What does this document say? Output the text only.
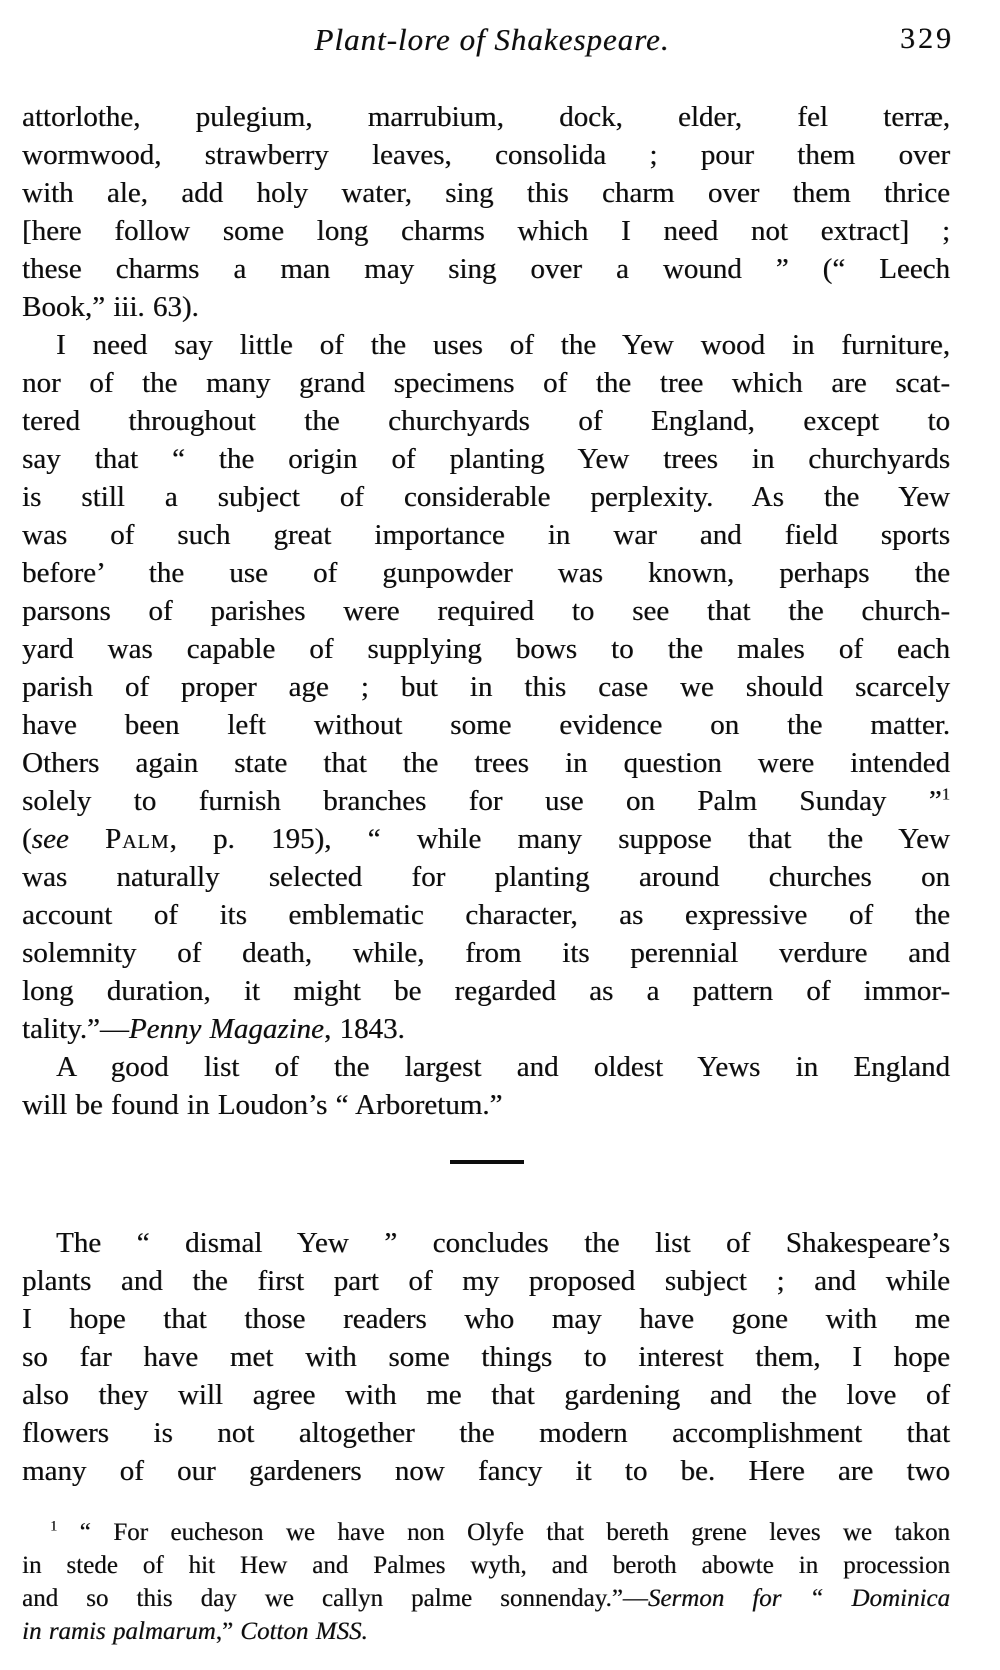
Plant-lore of Shakespeare.	329
attorlothe, pulegium, marrubium, dock, elder, fel terræ,
wormwood, strawberry leaves, consolida ; pour them over
with ale, add holy water, sing this charm over them thrice
[here follow some long charms which I need not extract] ;
these charms a man may sing over a wound ” (“ Leech
Book,” iii. 63).
I need say little of the uses of the Yew wood in furniture,
nor of the many grand specimens of the tree which are scat-
tered throughout the churchyards of England, except to
say that “ the origin of planting Yew trees in churchyards
is still a subject of considerable perplexity. As the Yew
was of such great importance in war and field sports
before’ the use of gunpowder was known, perhaps the
parsons of parishes were required to see that the church-
yard was capable of supplying bows to the males of each
parish of proper age ; but in this case we should scarcely
have been left without some evidence on the matter.
Others again state that the trees in question were intended
solely to furnish branches for use on Palm Sunday ”$^1$
(see Palm, p. 195), “ while many suppose that the Yew
was naturally selected for planting around churches on
account of its emblematic character, as expressive of the
solemnity of death, while, from its perennial verdure and
long duration, it might be regarded as a pattern of immor-
tality.”—Penny Magazine, 1843.
A good list of the largest and oldest Yews in England
will be found in Loudon’s “ Arboretum.”
The “ dismal Yew ” concludes the list of Shakespeare’s
plants and the first part of my proposed subject ; and while
I hope that those readers who may have gone with me
so far have met with some things to interest them, I hope
also they will agree with me that gardening and the love of
flowers is not altogether the modern accomplishment that
many of our gardeners now fancy it to be. Here are two
$^1$ “ For eucheson we have non Olyfe that bereth grene leves we takon
in stede of hit Hew and Palmes wyth, and beroth abowte in procession
and so this day we callyn palme sonnenday.”—Sermon for “ Dominica
in ramis palmarum,” Cotton MSS.
